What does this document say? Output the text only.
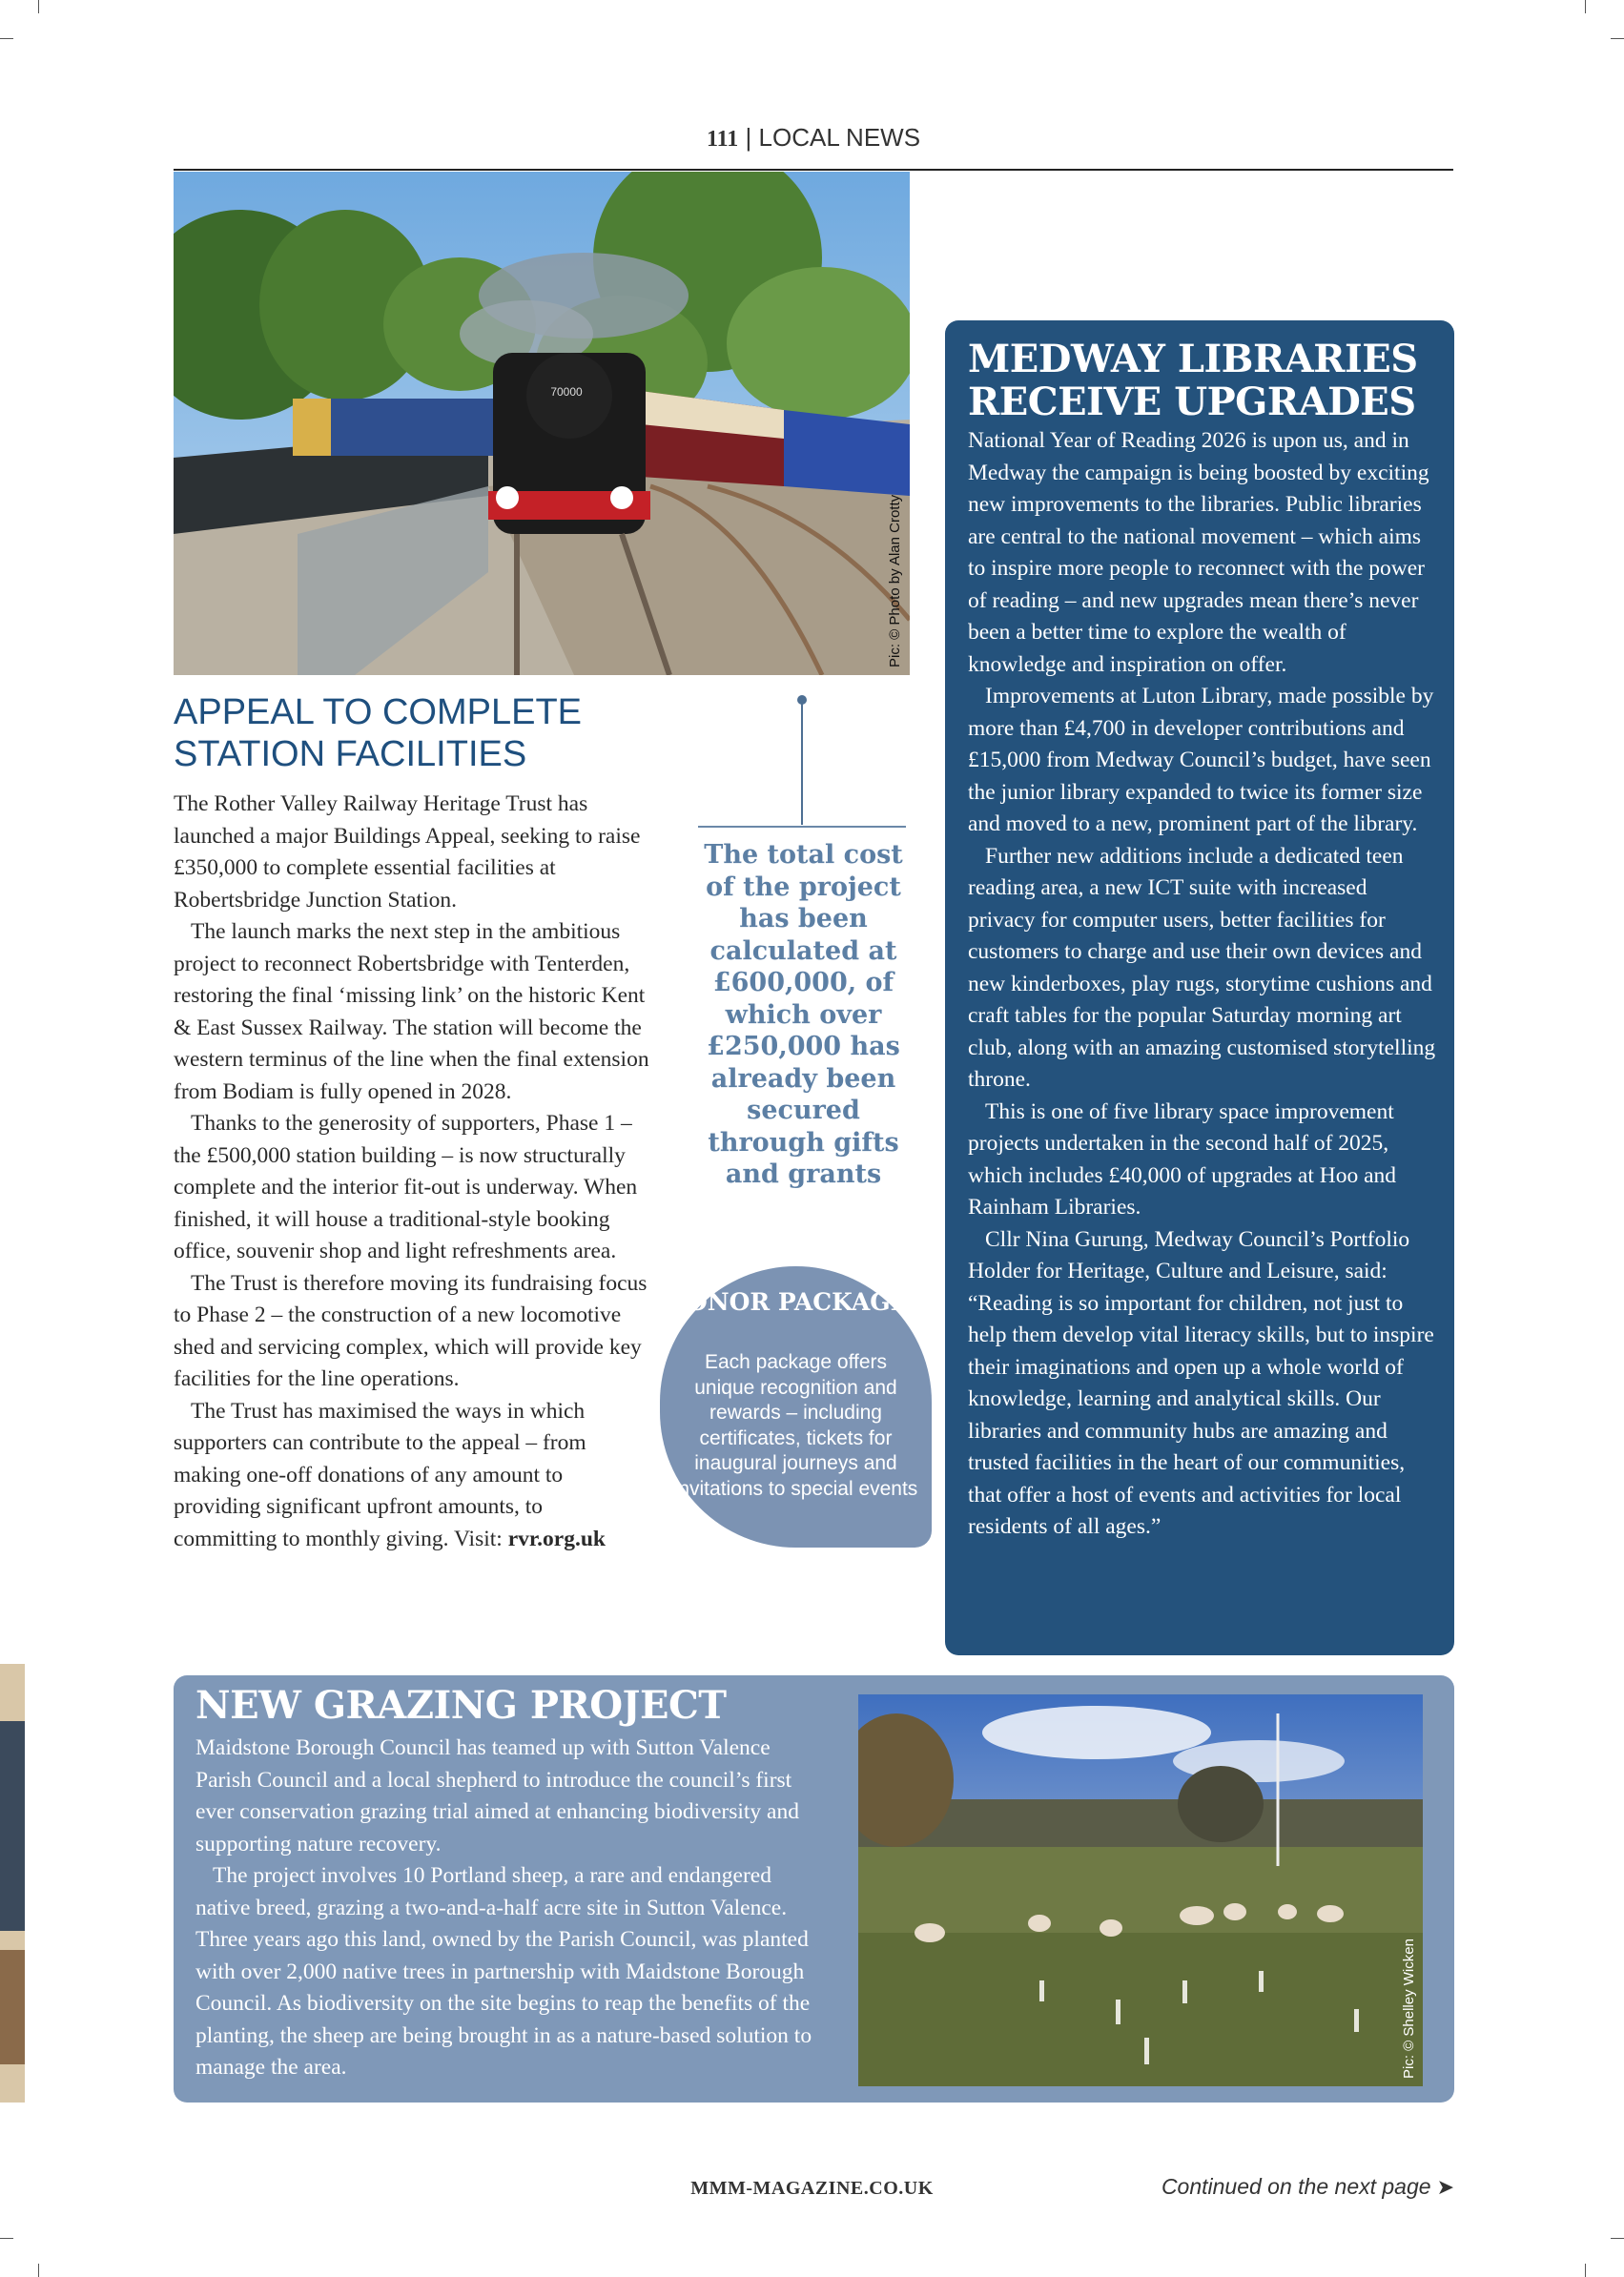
111 | LOCAL NEWS
70000
Pic: © Photo by Alan Crotty
APPEAL TO COMPLETE STATION FACILITIES

The Rother Valley Railway Heritage Trust has launched a major Buildings Appeal, seeking to raise £350,000 to complete essential facilities at Robertsbridge Junction Station.

The launch marks the next step in the ambitious project to reconnect Robertsbridge with Tenterden, restoring the final ‘missing link’ on the historic Kent & East Sussex Railway. The station will become the western terminus of the line when the final extension from Bodiam is fully opened in 2028.

Thanks to the generosity of supporters, Phase 1 – the £500,000 station building – is now structurally complete and the interior fit-out is underway. When finished, it will house a traditional-style booking office, souvenir shop and light refreshments area.

The Trust is therefore moving its fundraising focus to Phase 2 – the construction of a new locomotive shed and servicing complex, which will provide key facilities for the line operations.

The Trust has maximised the ways in which supporters can contribute to the appeal – from making one-off donations of any amount to providing significant upfront amounts, to committing to monthly giving. Visit: rvr.org.uk

The total cost of the project has been calculated at £600,000, of which over £250,000 has already been secured through gifts and grants
DONOR PACKAGES
Each package offers unique recognition and rewards – including certificates, tickets for inaugural journeys and invitations to special events
MEDWAY LIBRARIES RECEIVE UPGRADES

National Year of Reading 2026 is upon us, and in Medway the campaign is being boosted by exciting new improvements to the libraries. Public libraries are central to the national movement – which aims to inspire more people to reconnect with the power of reading – and new upgrades mean there’s never been a better time to explore the wealth of knowledge and inspiration on offer.

Improvements at Luton Library, made possible by more than £4,700 in developer contributions and £15,000 from Medway Council’s budget, have seen the junior library expanded to twice its former size and moved to a new, prominent part of the library.

Further new additions include a dedicated teen reading area, a new ICT suite with increased privacy for computer users, better facilities for customers to charge and use their own devices and new kinderboxes, play rugs, storytime cushions and craft tables for the popular Saturday morning art club, along with an amazing customised storytelling throne.

This is one of five library space improvement projects undertaken in the second half of 2025, which includes £40,000 of upgrades at Hoo and Rainham Libraries.

Cllr Nina Gurung, Medway Council’s Portfolio Holder for Heritage, Culture and Leisure, said: “Reading is so important for children, not just to help them develop vital literacy skills, but to inspire their imaginations and open up a whole world of knowledge, learning and analytical skills. Our libraries and community hubs are amazing and trusted facilities in the heart of our communities, that offer a host of events and activities for local residents of all ages.”

NEW GRAZING PROJECT

Maidstone Borough Council has teamed up with Sutton Valence Parish Council and a local shepherd to introduce the council’s first ever conservation grazing trial aimed at enhancing biodiversity and supporting nature recovery.

The project involves 10 Portland sheep, a rare and endangered native breed, grazing a two-and-a-half acre site in Sutton Valence. Three years ago this land, owned by the Parish Council, was planted with over 2,000 native trees in partnership with Maidstone Borough Council. As biodiversity on the site begins to reap the benefits of the planting, the sheep are being brought in as a nature-based solution to manage the area.	Pic: © Shelley Wicken
MMM-MAGAZINE.CO.UK	Continued on the next page ➤
